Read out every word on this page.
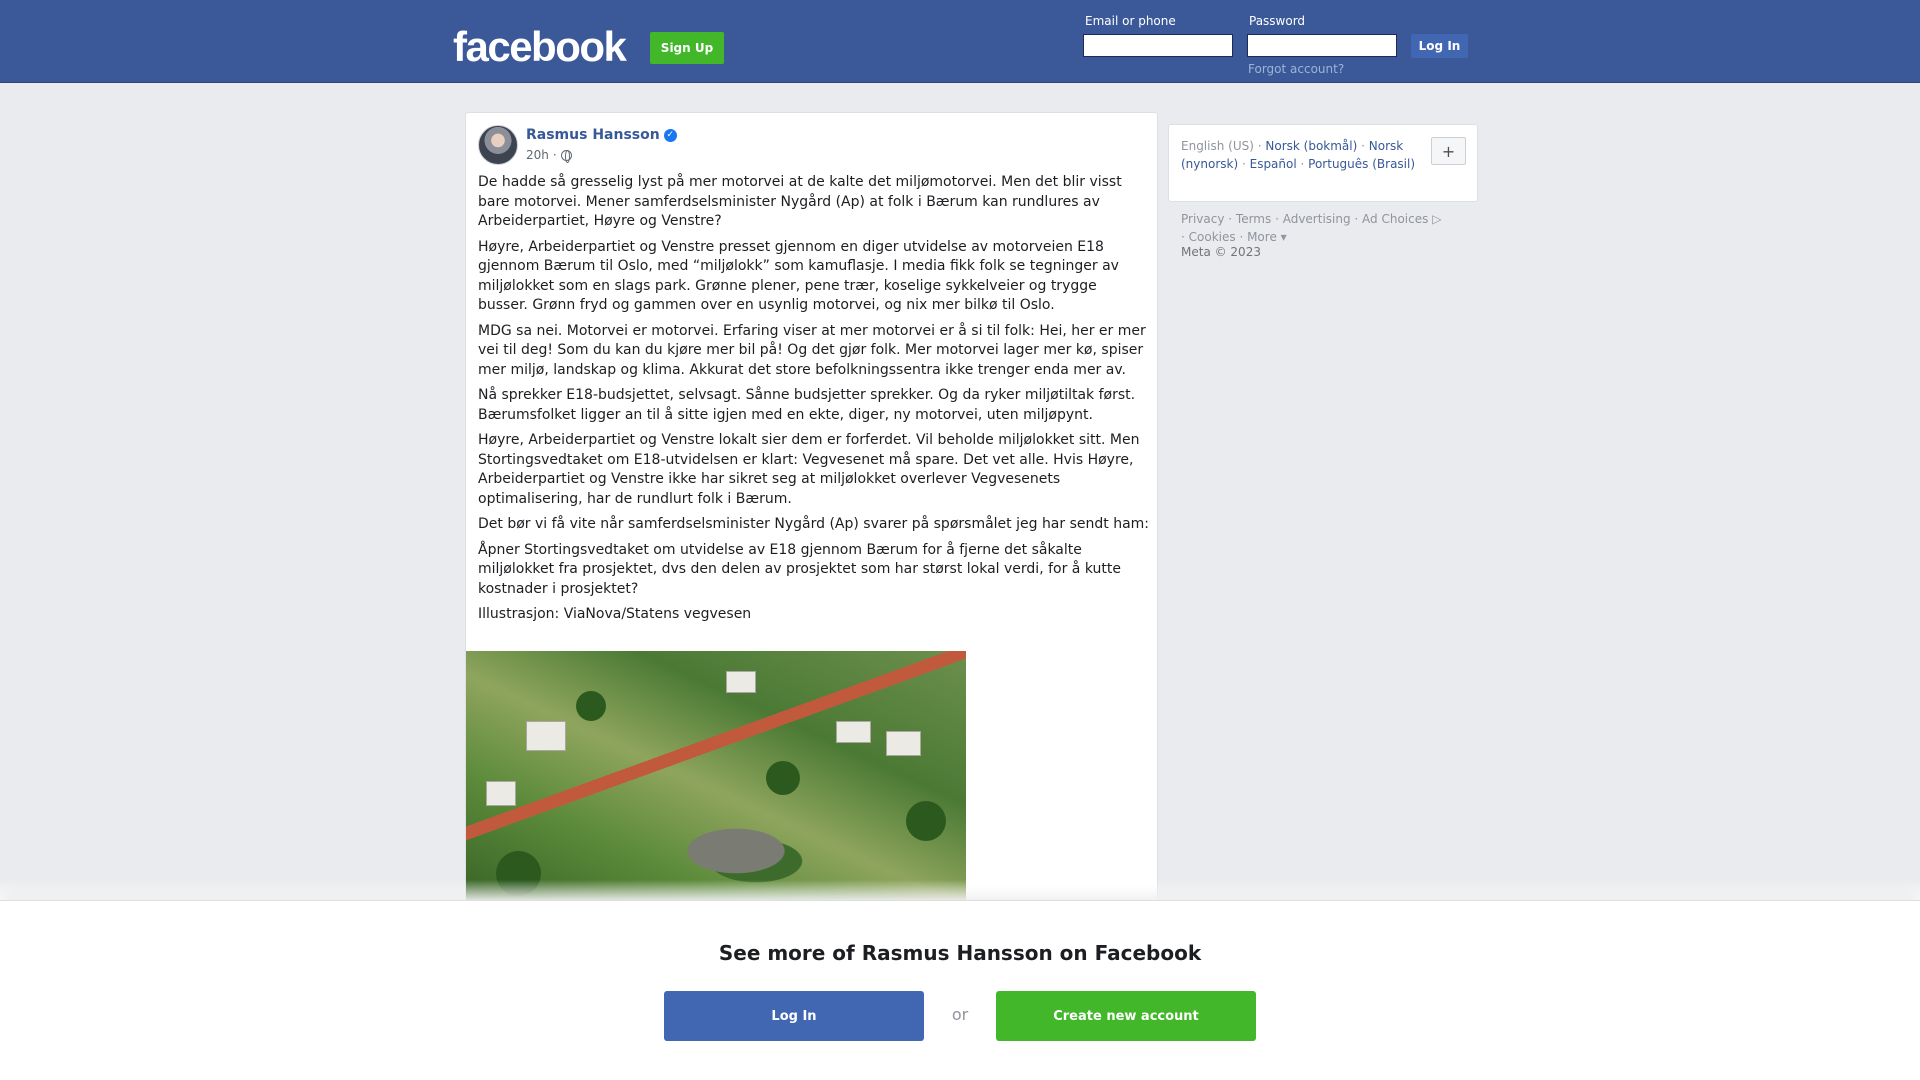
facebook	Sign Up
Email or phone	Password
Log In
Forgot account?
Rasmus Hansson ✓
20h ·

De hadde så gresselig lyst på mer motorvei at de kalte det miljømotorvei. Men det blir visst bare motorvei. Mener samferdselsminister Nygård (Ap) at folk i Bærum kan rundlures av Arbeiderpartiet, Høyre og Venstre?

Høyre, Arbeiderpartiet og Venstre presset gjennom en diger utvidelse av motorveien E18 gjennom Bærum til Oslo, med “miljølokk” som kamuflasje. I media fikk folk se tegninger av miljølokket som en slags park. Grønne plener, pene trær, koselige sykkelveier og trygge busser. Grønn fryd og gammen over en usynlig motorvei, og nix mer bilkø til Oslo.

MDG sa nei. Motorvei er motorvei. Erfaring viser at mer motorvei er å si til folk: Hei, her er mer vei til deg! Som du kan du kjøre mer bil på! Og det gjør folk. Mer motorvei lager mer kø, spiser mer miljø, landskap og klima. Akkurat det store befolkningssentra ikke trenger enda mer av.

Nå sprekker E18-budsjettet, selvsagt. Sånne budsjetter sprekker. Og da ryker miljøtiltak først. Bærumsfolket ligger an til å sitte igjen med en ekte, diger, ny motorvei, uten miljøpynt.

Høyre, Arbeiderpartiet og Venstre lokalt sier dem er forferdet. Vil beholde miljølokket sitt. Men Stortingsvedtaket om E18-utvidelsen er klart: Vegvesenet må spare. Det vet alle. Hvis Høyre, Arbeiderpartiet og Venstre ikke har sikret seg at miljølokket overlever Vegvesenets optimalisering, har de rundlurt folk i Bærum.

Det bør vi få vite når samferdselsminister Nygård (Ap) svarer på spørsmålet jeg har sendt ham:

Åpner Stortingsvedtaket om utvidelse av E18 gjennom Bærum for å fjerne det såkalte miljølokket fra prosjektet, dvs den delen av prosjektet som har størst lokal verdi, for å kutte kostnader i prosjektet?

Illustrasjon: ViaNova/Statens vegvesen

English (US) · Norsk (bokmål) · Norsk (nynorsk) · Español · Português (Brasil)
+
Privacy · Terms · Advertising · Ad Choices ▷
· Cookies · More ▾
Meta © 2023
See more of Rasmus Hansson on Facebook
Log In	or	Create new account
